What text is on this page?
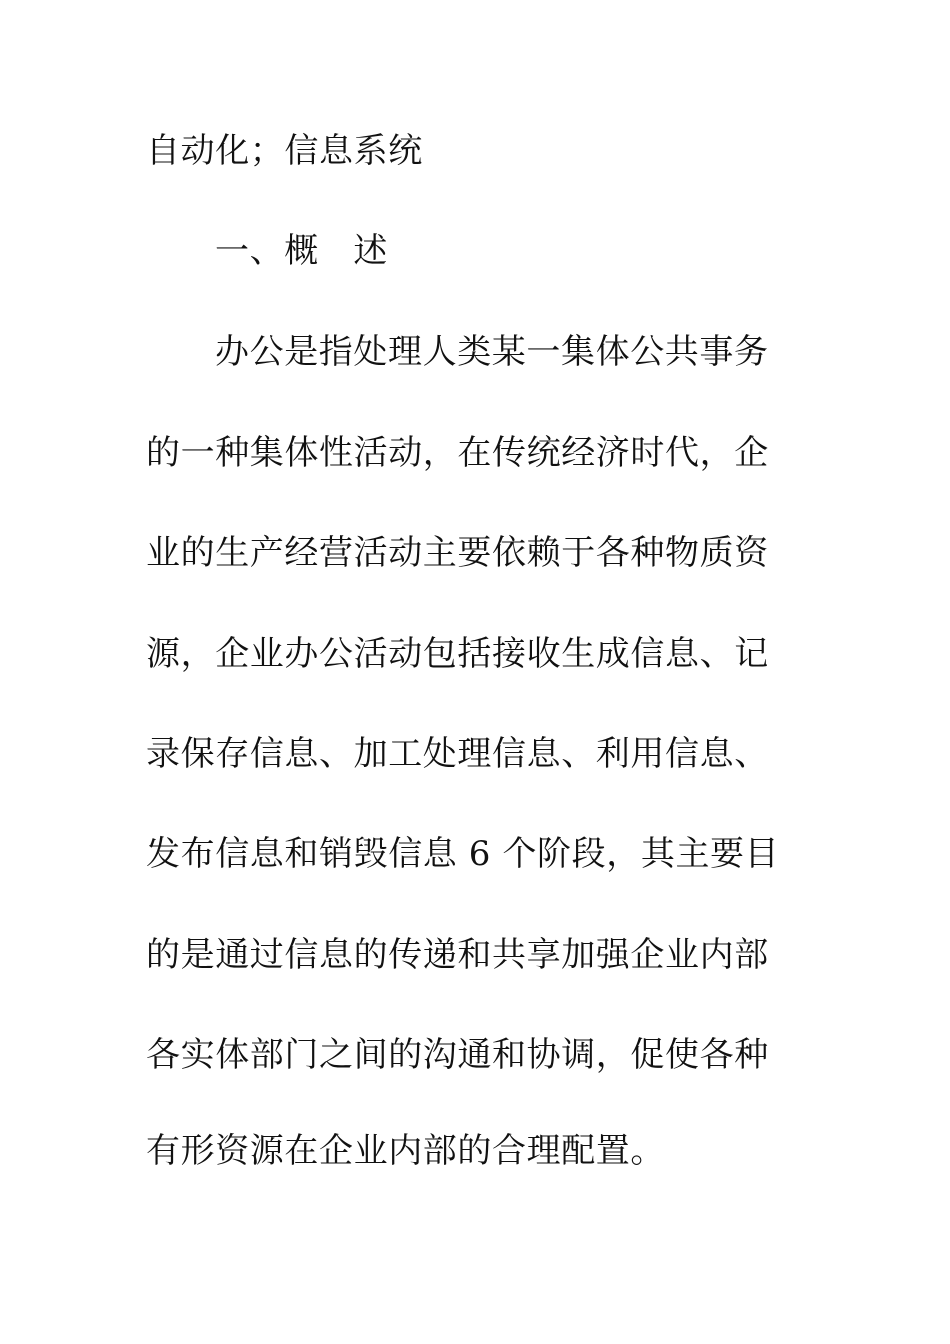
自动化；信息系统
一、概　述
办公是指处理人类某一集体公共事务
的一种集体性活动，在传统经济时代，企
业的生产经营活动主要依赖于各种物质资
源，企业办公活动包括接收生成信息、记
录保存信息、加工处理信息、利用信息、
发布信息和销毁信息 6 个阶段，其主要目
的是通过信息的传递和共享加强企业内部
各实体部门之间的沟通和协调，促使各种
有形资源在企业内部的合理配置。
